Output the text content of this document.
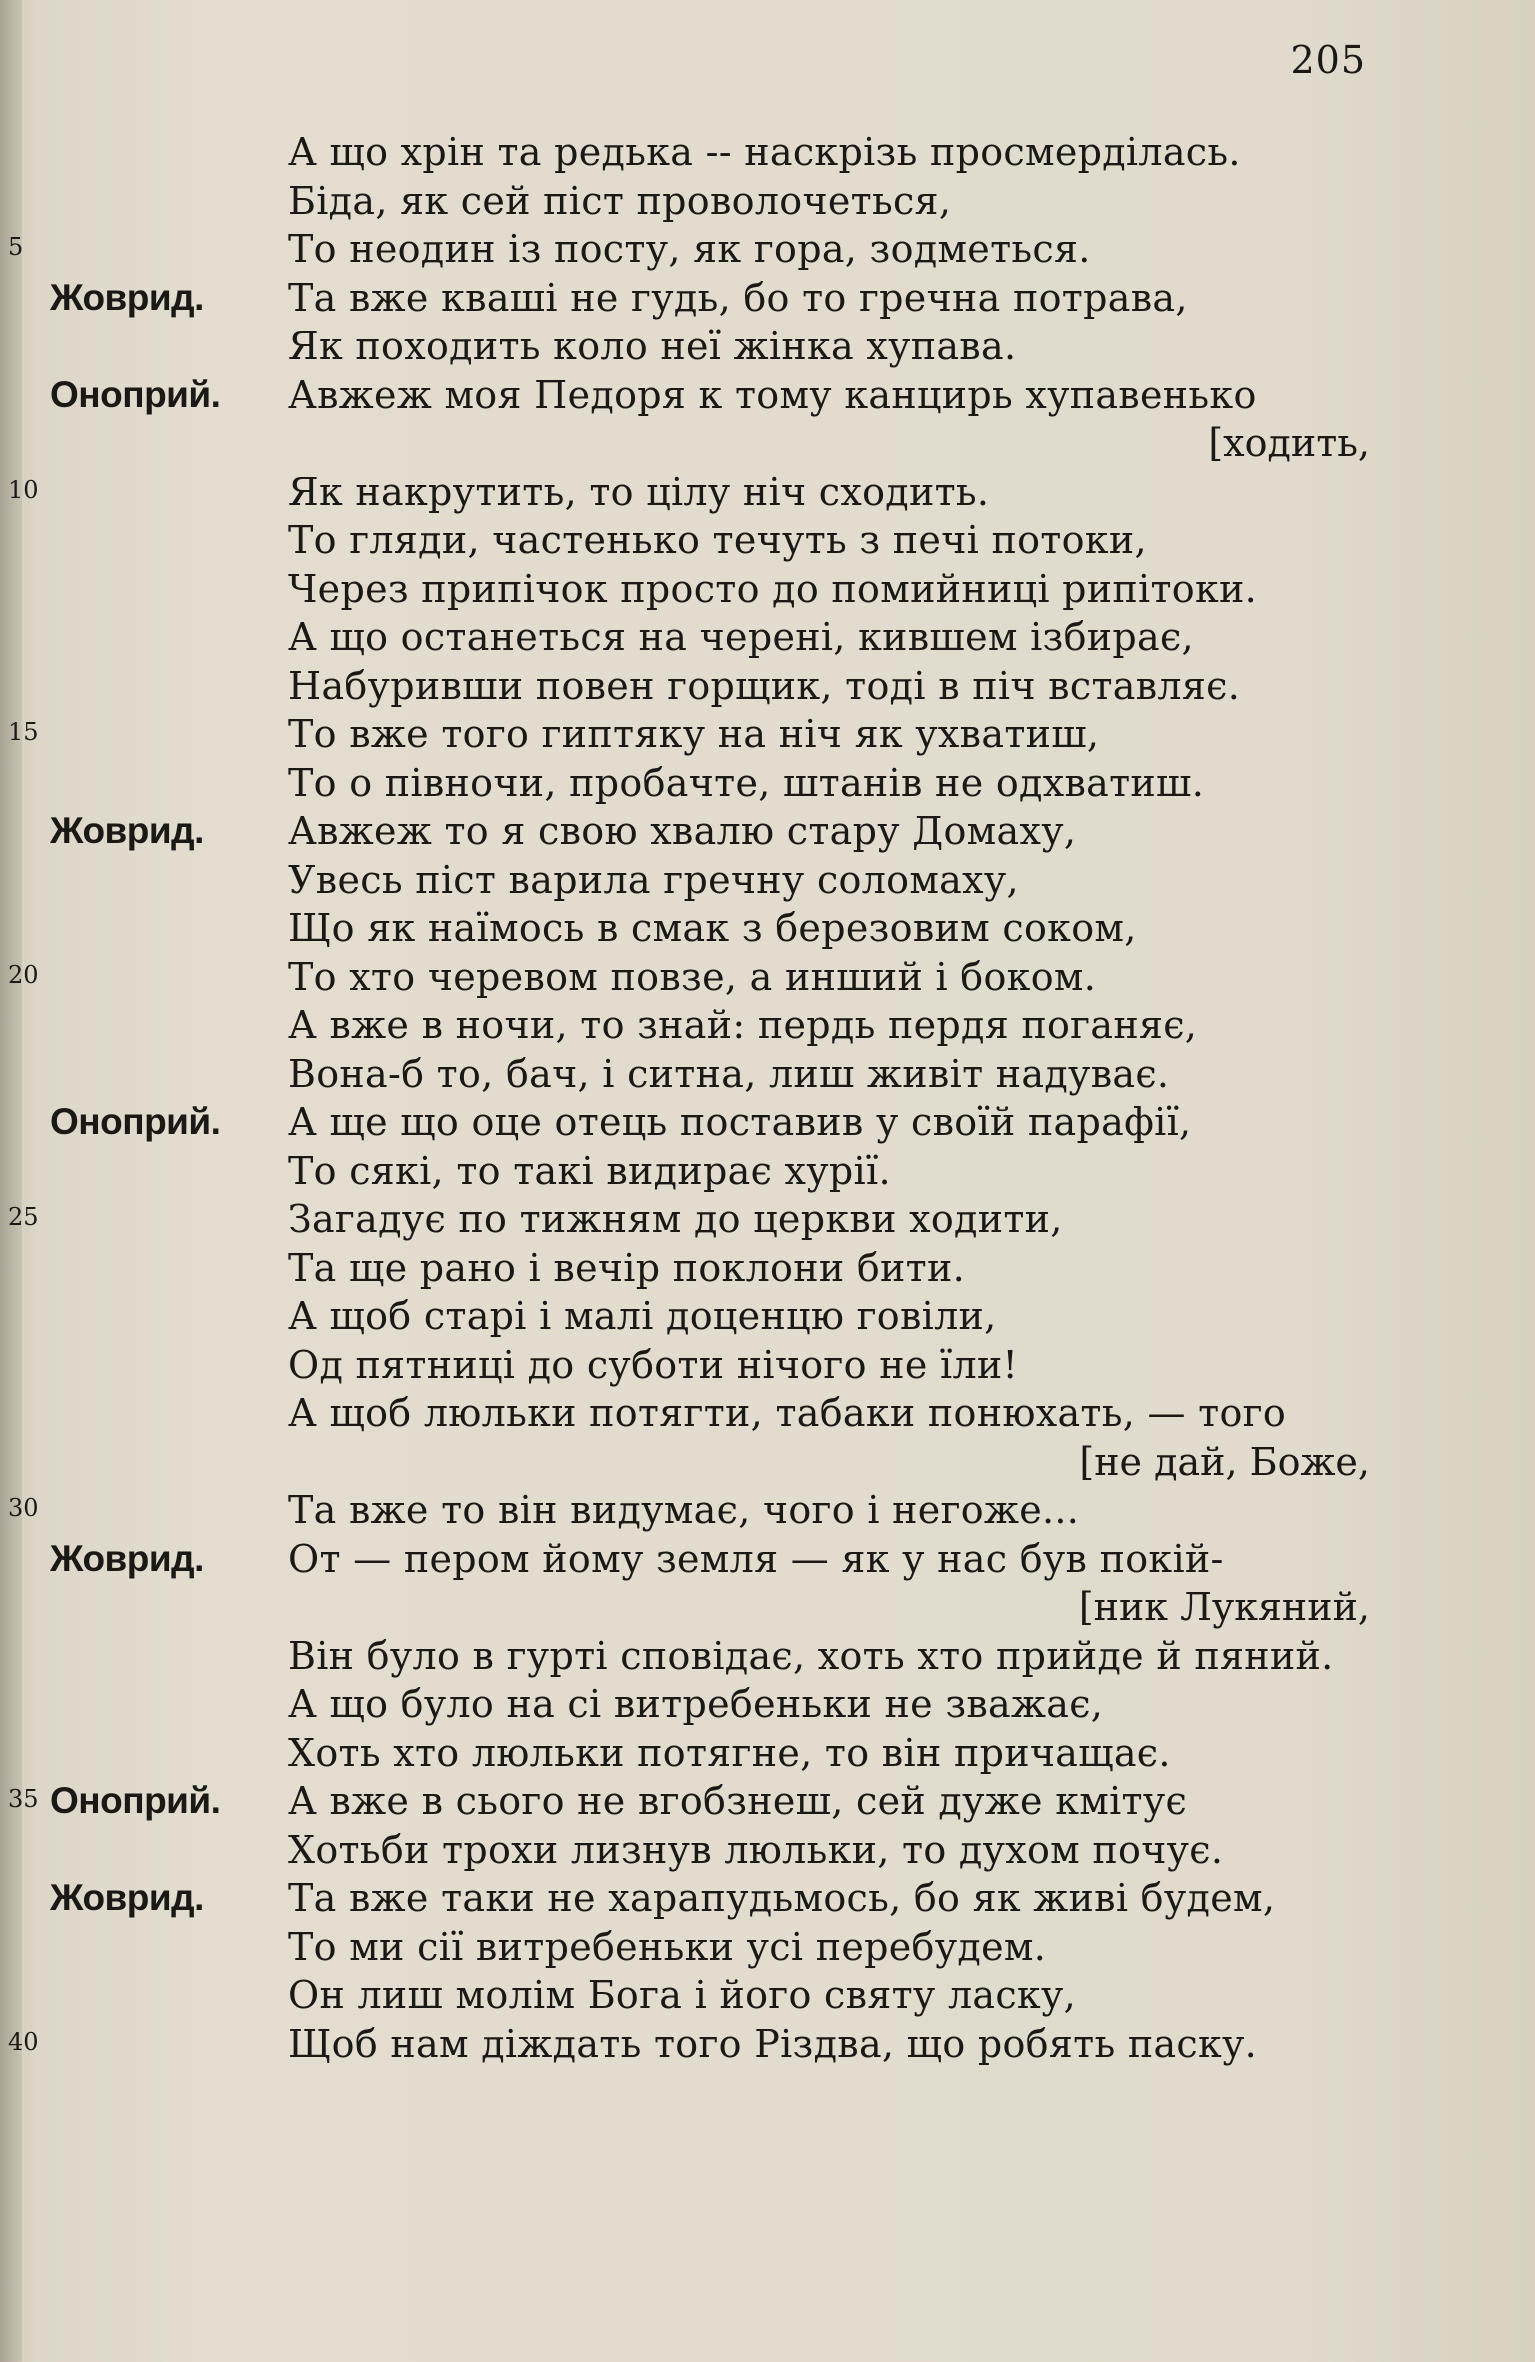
205
А що хрін та редька -- наскрізь просмерділась.
Біда, як сей піст проволочеться,
5	То неодин із посту, як гора, зодметься.
Жоврид.	Та вже кваші не гудь, бо то гречна потрава,
Як походить коло неї жінка хупава.
Оноприй.	Авжеж моя Педоря к тому канцирь хупавенько
[ходить,
10	Як накрутить, то цілу ніч сходить.
То гляди, частенько течуть з печі потоки,
Через припічок просто до помийниці рипітоки.
А що останеться на черені, кившем ізбирає,
Набуривши повен горщик, тоді в піч вставляє.
15	То вже того гиптяку на ніч як ухватиш,
То о півночи, пробачте, штанів не одхватиш.
Жоврид.	Авжеж то я свою хвалю стару Домаху,
Увесь піст варила гречну соломаху,
Що як наїмось в смак з березовим соком,
20	То хто черевом повзе, а инший і боком.
А вже в ночи, то знай: пердь пердя поганяє,
Вона-б то, бач, і ситна, лиш живіт надуває.
Оноприй.	А ще що оце отець поставив у своїй парафії,
То сякі, то такі видирає хурії.
25	Загадує по тижням до церкви ходити,
Та ще рано і вечір поклони бити.
А щоб старі і малі доценцю говіли,
Од пятниці до суботи нічого не їли!
А щоб люльки потягти, табаки понюхать, — того
[не дай, Боже,
30	Та вже то він видумає, чого і негоже...
Жоврид.	От — пером йому земля — як у нас був покій-
[ник Лукяний,
Він було в гурті сповідає, хоть хто прийде й пяний.
А що було на сі витребеньки не зважає,
Хоть хто люльки потягне, то він причащає.
35 Оноприй.	А вже в сього не вгобзнеш, сей дуже кмітує
Хотьби трохи лизнув люльки, то духом почує.
Жоврид.	Та вже таки не харапудьмось, бо як живі будем,
То ми сії витребеньки усі перебудем.
Он лиш молім Бога і його святу ласку,
40	Щоб нам діждать того Різдва, що робять паску.
